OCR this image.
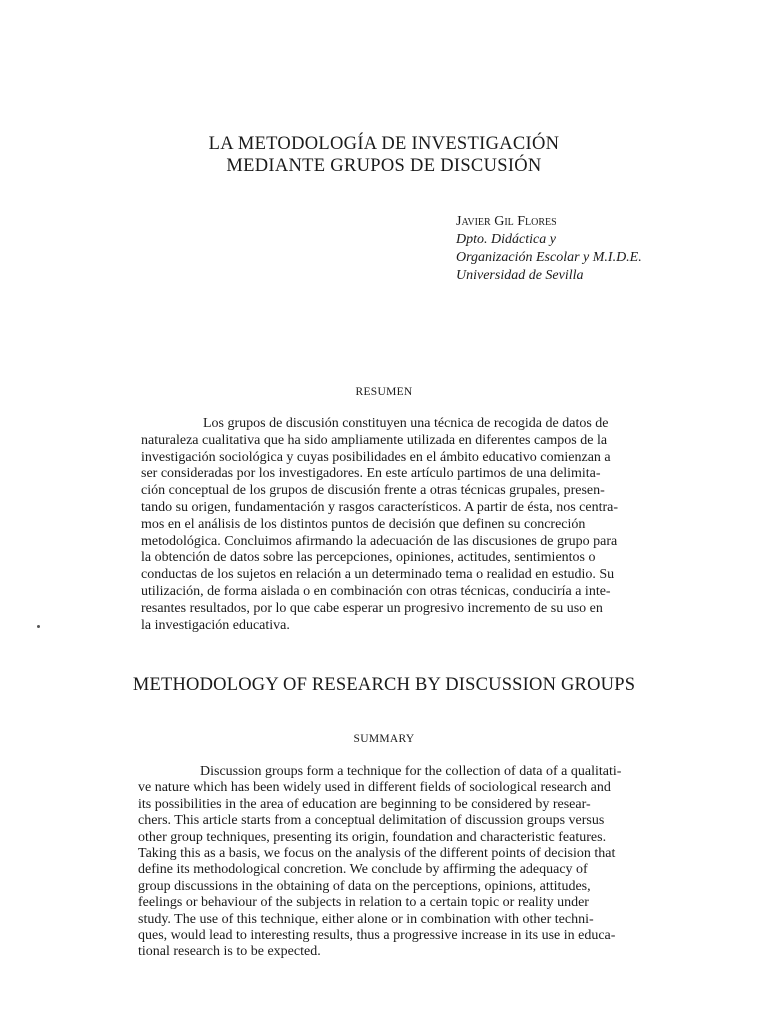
LA METODOLOGÍA DE INVESTIGACIÓN
MEDIANTE GRUPOS DE DISCUSIÓN
Javier Gil Flores
Dpto. Didáctica y
Organización Escolar y M.I.D.E.
Universidad de Sevilla
RESUMEN
Los grupos de discusión constituyen una técnica de recogida de datos de
naturaleza cualitativa que ha sido ampliamente utilizada en diferentes campos de la
investigación sociológica y cuyas posibilidades en el ámbito educativo comienzan a
ser consideradas por los investigadores. En este artículo partimos de una delimita-
ción conceptual de los grupos de discusión frente a otras técnicas grupales, presen-
tando su origen, fundamentación y rasgos característicos. A partir de ésta, nos centra-
mos en el análisis de los distintos puntos de decisión que definen su concreción
metodológica. Concluimos afirmando la adecuación de las discusiones de grupo para
la obtención de datos sobre las percepciones, opiniones, actitudes, sentimientos o
conductas de los sujetos en relación a un determinado tema o realidad en estudio. Su
utilización, de forma aislada o en combinación con otras técnicas, conduciría a inte-
resantes resultados, por lo que cabe esperar un progresivo incremento de su uso en
la investigación educativa.
METHODOLOGY OF RESEARCH BY DISCUSSION GROUPS
SUMMARY
Discussion groups form a technique for the collection of data of a qualitati-
ve nature which has been widely used in different fields of sociological research and
its possibilities in the area of education are beginning to be considered by resear-
chers. This article starts from a conceptual delimitation of discussion groups versus
other group techniques, presenting its origin, foundation and characteristic features.
Taking this as a basis, we focus on the analysis of the different points of decision that
define its methodological concretion. We conclude by affirming the adequacy of
group discussions in the obtaining of data on the perceptions, opinions, attitudes,
feelings or behaviour of the subjects in relation to a certain topic or reality under
study. The use of this technique, either alone or in combination with other techni-
ques, would lead to interesting results, thus a progressive increase in its use in educa-
tional research is to be expected.
